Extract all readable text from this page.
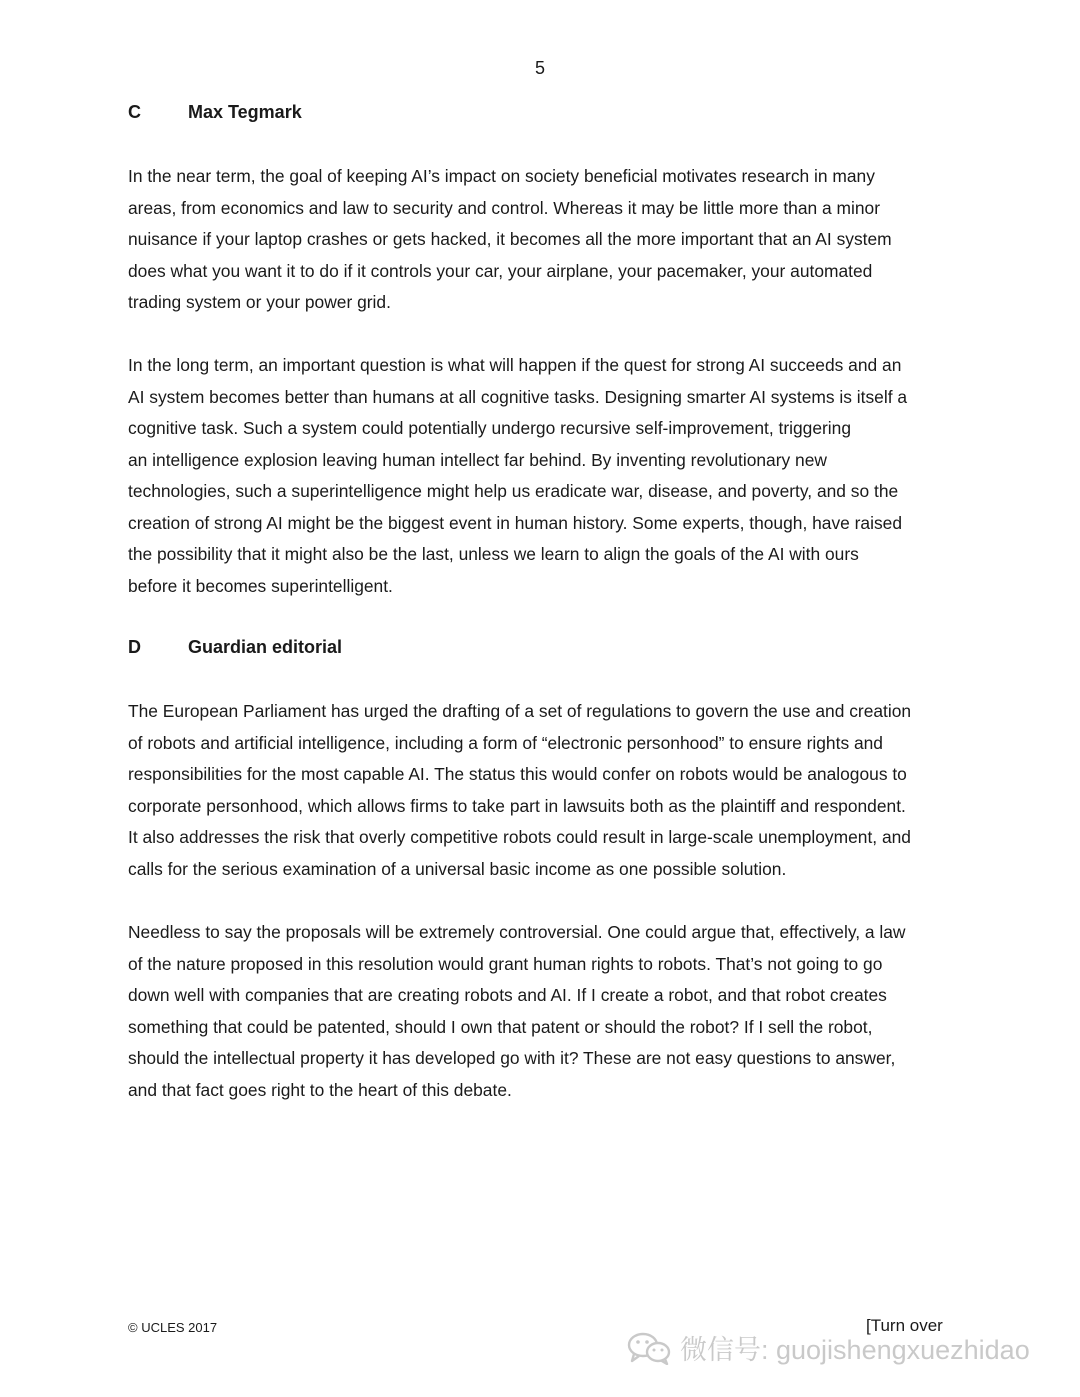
5
C	Max Tegmark
In the near term, the goal of keeping AI’s impact on society beneficial motivates research in many
areas, from economics and law to security and control. Whereas it may be little more than a minor
nuisance if your laptop crashes or gets hacked, it becomes all the more important that an AI system
does what you want it to do if it controls your car, your airplane, your pacemaker, your automated
trading system or your power grid.
In the long term, an important question is what will happen if the quest for strong AI succeeds and an
AI system becomes better than humans at all cognitive tasks. Designing smarter AI systems is itself a
cognitive task. Such a system could potentially undergo recursive self-improvement, triggering
an intelligence explosion leaving human intellect far behind. By inventing revolutionary new
technologies, such a superintelligence might help us eradicate war, disease, and poverty, and so the
creation of strong AI might be the biggest event in human history. Some experts, though, have raised
the possibility that it might also be the last, unless we learn to align the goals of the AI with ours
before it becomes superintelligent.
D	Guardian editorial
The European Parliament has urged the drafting of a set of regulations to govern the use and creation
of robots and artificial intelligence, including a form of “electronic personhood” to ensure rights and
responsibilities for the most capable AI. The status this would confer on robots would be analogous to
corporate personhood, which allows firms to take part in lawsuits both as the plaintiff and respondent.
It also addresses the risk that overly competitive robots could result in large-scale unemployment, and
calls for the serious examination of a universal basic income as one possible solution.
Needless to say the proposals will be extremely controversial. One could argue that, effectively, a law
of the nature proposed in this resolution would grant human rights to robots. That’s not going to go
down well with companies that are creating robots and AI. If I create a robot, and that robot creates
something that could be patented, should I own that patent or should the robot? If I sell the robot,
should the intellectual property it has developed go with it? These are not easy questions to answer,
and that fact goes right to the heart of this debate.
© UCLES 2017	[Turn over
微信号: guojishengxuezhidao
